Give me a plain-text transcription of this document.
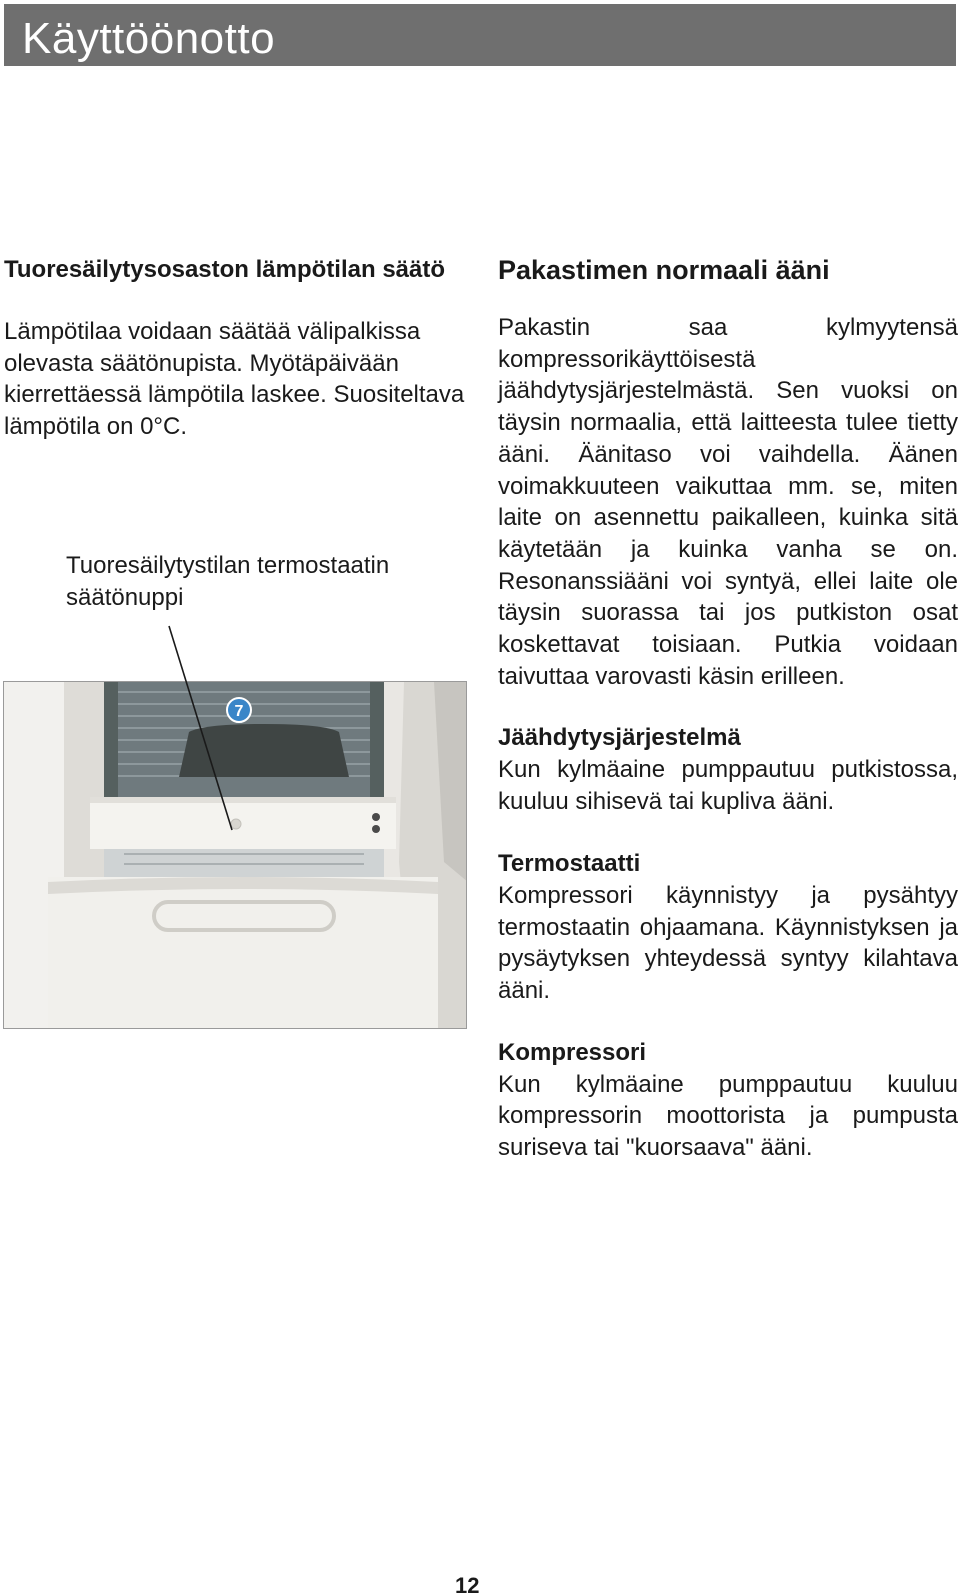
Käyttöönotto
Tuoresäilytysosaston lämpötilan säätö
Lämpötilaa voidaan säätää välipalkissa olevasta säätönupista. Myötäpäivään kierrettäessä lämpötila laskee. Suositeltava lämpötila on 0°C.
Tuoresäilytystilan termostaatin säätönuppi
7
Pakastimen normaali ääni
Pakastin saa kylmyytensä kompressorikäyttöisestä jäähdytysjärjestelmästä. Sen vuoksi on täysin normaalia, että laitteesta tulee tietty ääni. Äänitaso voi vaihdella. Äänen voimakkuuteen vaikuttaa mm. se, miten laite on asennettu paikalleen, kuinka sitä käytetään ja kuinka vanha se on. Resonanssiääni voi syntyä, ellei laite ole täysin suorassa tai jos putkiston osat koskettavat toisiaan. Putkia voidaan taivuttaa varovasti käsin erilleen.
Jäähdytysjärjestelmä
Kun kylmäaine pumppautuu putkistossa, kuuluu sihisevä tai kupliva ääni.
Termostaatti
Kompressori käynnistyy ja pysähtyy termostaatin ohjaamana. Käynnistyksen ja pysäytyksen yhteydessä syntyy kilahtava ääni.
Kompressori
Kun kylmäaine pumppautuu kuuluu kompressorin moottorista ja pumpusta suriseva tai "kuorsaava" ääni.
12
